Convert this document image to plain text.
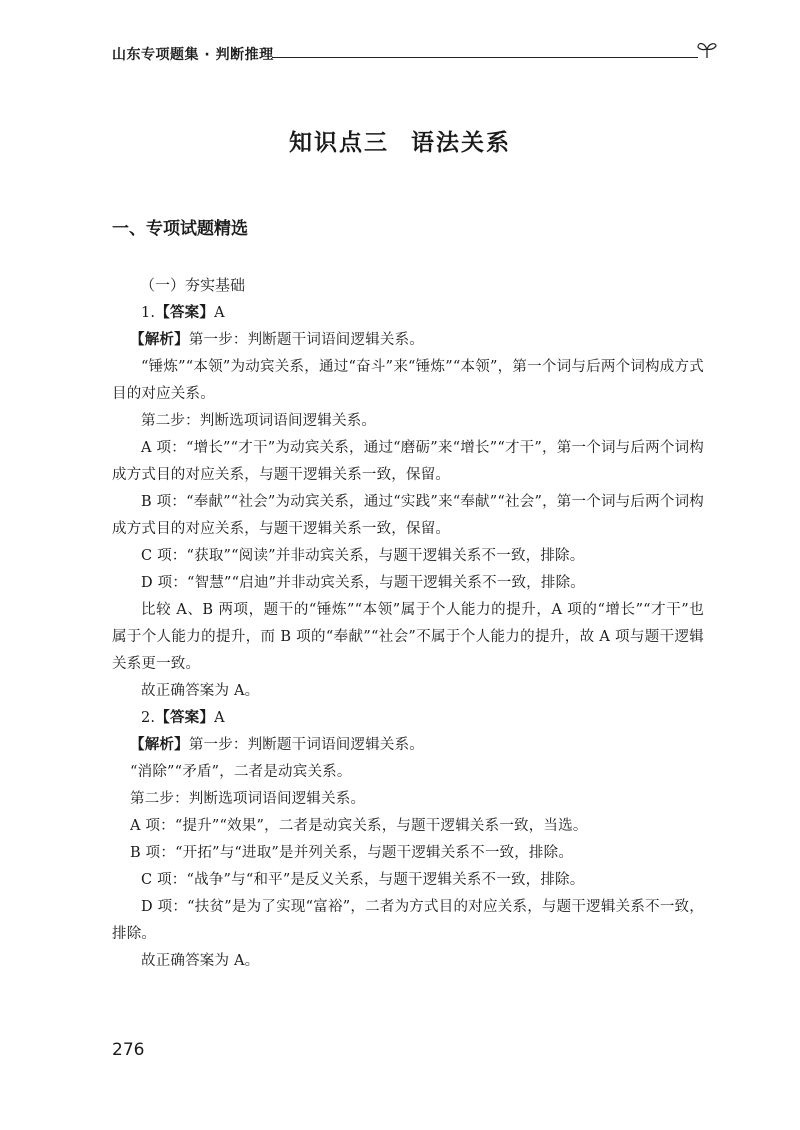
山东专项题集 · 判断推理
知识点三 语法关系
一、专项试题精选
（一）夯实基础

1.【答案】A

【解析】第一步：判断题干词语间逻辑关系。

“锤炼”“本领”为动宾关系，通过“奋斗”来“锤炼”“本领”，第一个词与后两个词构成方式目的对应关系。

第二步：判断选项词语间逻辑关系。

A 项：“增长”“才干”为动宾关系，通过“磨砺”来“增长”“才干”，第一个词与后两个词构成方式目的对应关系，与题干逻辑关系一致，保留。

B 项：“奉献”“社会”为动宾关系，通过“实践”来“奉献”“社会”，第一个词与后两个词构成方式目的对应关系，与题干逻辑关系一致，保留。

C 项：“获取”“阅读”并非动宾关系，与题干逻辑关系不一致，排除。

D 项：“智慧”“启迪”并非动宾关系，与题干逻辑关系不一致，排除。

比较 A、B 两项，题干的“锤炼”“本领”属于个人能力的提升，A 项的“增长”“才干”也属于个人能力的提升，而 B 项的“奉献”“社会”不属于个人能力的提升，故 A 项与题干逻辑关系更一致。

故正确答案为 A。

2.【答案】A

【解析】第一步：判断题干词语间逻辑关系。

“消除”“矛盾”，二者是动宾关系。

第二步：判断选项词语间逻辑关系。

A 项：“提升”“效果”，二者是动宾关系，与题干逻辑关系一致，当选。

B 项：“开拓”与“进取”是并列关系，与题干逻辑关系不一致，排除。

C 项：“战争”与“和平”是反义关系，与题干逻辑关系不一致，排除。

D 项：“扶贫”是为了实现“富裕”，二者为方式目的对应关系，与题干逻辑关系不一致，排除。

故正确答案为 A。

276
